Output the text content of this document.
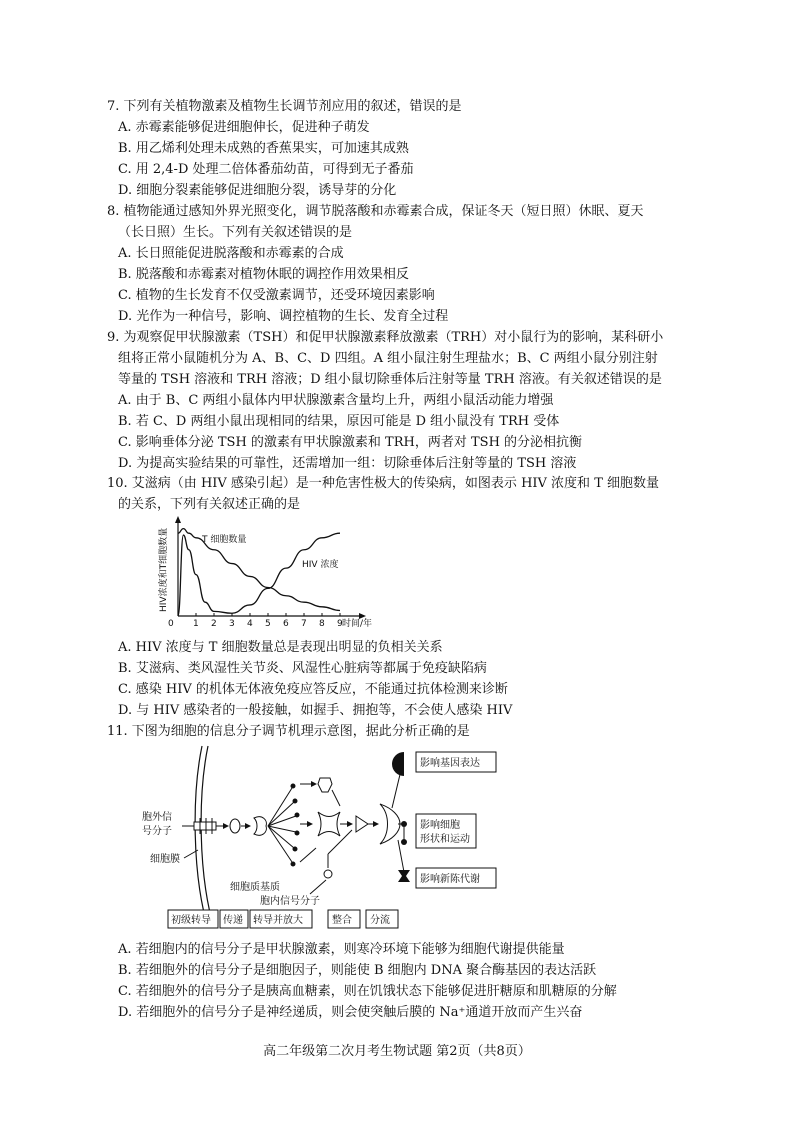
7. 下列有关植物激素及植物生长调节剂应用的叙述，错误的是
A. 赤霉素能够促进细胞伸长，促进种子萌发
B. 用乙烯利处理未成熟的香蕉果实，可加速其成熟
C. 用 2,4-D 处理二倍体番茄幼苗，可得到无子番茄
D. 细胞分裂素能够促进细胞分裂，诱导芽的分化
8. 植物能通过感知外界光照变化，调节脱落酸和赤霉素合成，保证冬天（短日照）休眠、夏天
（长日照）生长。下列有关叙述错误的是
A. 长日照能促进脱落酸和赤霉素的合成
B. 脱落酸和赤霉素对植物休眠的调控作用效果相反
C. 植物的生长发育不仅受激素调节，还受环境因素影响
D. 光作为一种信号，影响、调控植物的生长、发育全过程
9. 为观察促甲状腺激素（TSH）和促甲状腺激素释放激素（TRH）对小鼠行为的影响，某科研小
组将正常小鼠随机分为 A、B、C、D 四组。A 组小鼠注射生理盐水；B、C 两组小鼠分别注射
等量的 TSH 溶液和 TRH 溶液；D 组小鼠切除垂体后注射等量 TRH 溶液。有关叙述错误的是
A. 由于 B、C 两组小鼠体内甲状腺激素含量均上升，两组小鼠活动能力增强
B. 若 C、D 两组小鼠出现相同的结果，原因可能是 D 组小鼠没有 TRH 受体
C. 影响垂体分泌 TSH 的激素有甲状腺激素和 TRH，两者对 TSH 的分泌相抗衡
D. 为提高实验结果的可靠性，还需增加一组：切除垂体后注射等量的 TSH 溶液
10. 艾滋病（由 HIV 感染引起）是一种危害性极大的传染病，如图表示 HIV 浓度和 T 细胞数量
的关系，下列有关叙述正确的是
HIV浓度和T细胞数量
0	时间/年
1 2 3 4 5 6 7 8 9
T 细胞数量
HIV 浓度
A. HIV 浓度与 T 细胞数量总是表现出明显的负相关关系
B. 艾滋病、类风湿性关节炎、风湿性心脏病等都属于免疫缺陷病
C. 感染 HIV 的机体无体液免疫应答反应，不能通过抗体检测来诊断
D. 与 HIV 感染者的一般接触，如握手、拥抱等，不会使人感染 HIV
11. 下图为细胞的信息分子调节机理示意图，据此分析正确的是
胞外信
号分子
影响基因表达
影响细胞
形状和运动
影响新陈代谢
细胞膜
细胞质基质
胞内信号分子
初级转导 传递 转导并放大	整合 分流
A. 若细胞内的信号分子是甲状腺激素，则寒冷环境下能够为细胞代谢提供能量
B. 若细胞外的信号分子是细胞因子，则能使 B 细胞内 DNA 聚合酶基因的表达活跃
C. 若细胞外的信号分子是胰高血糖素，则在饥饿状态下能够促进肝糖原和肌糖原的分解
D. 若细胞外的信号分子是神经递质，则会使突触后膜的 Na⁺通道开放而产生兴奋
高二年级第二次月考生物试题 第2页（共8页）
